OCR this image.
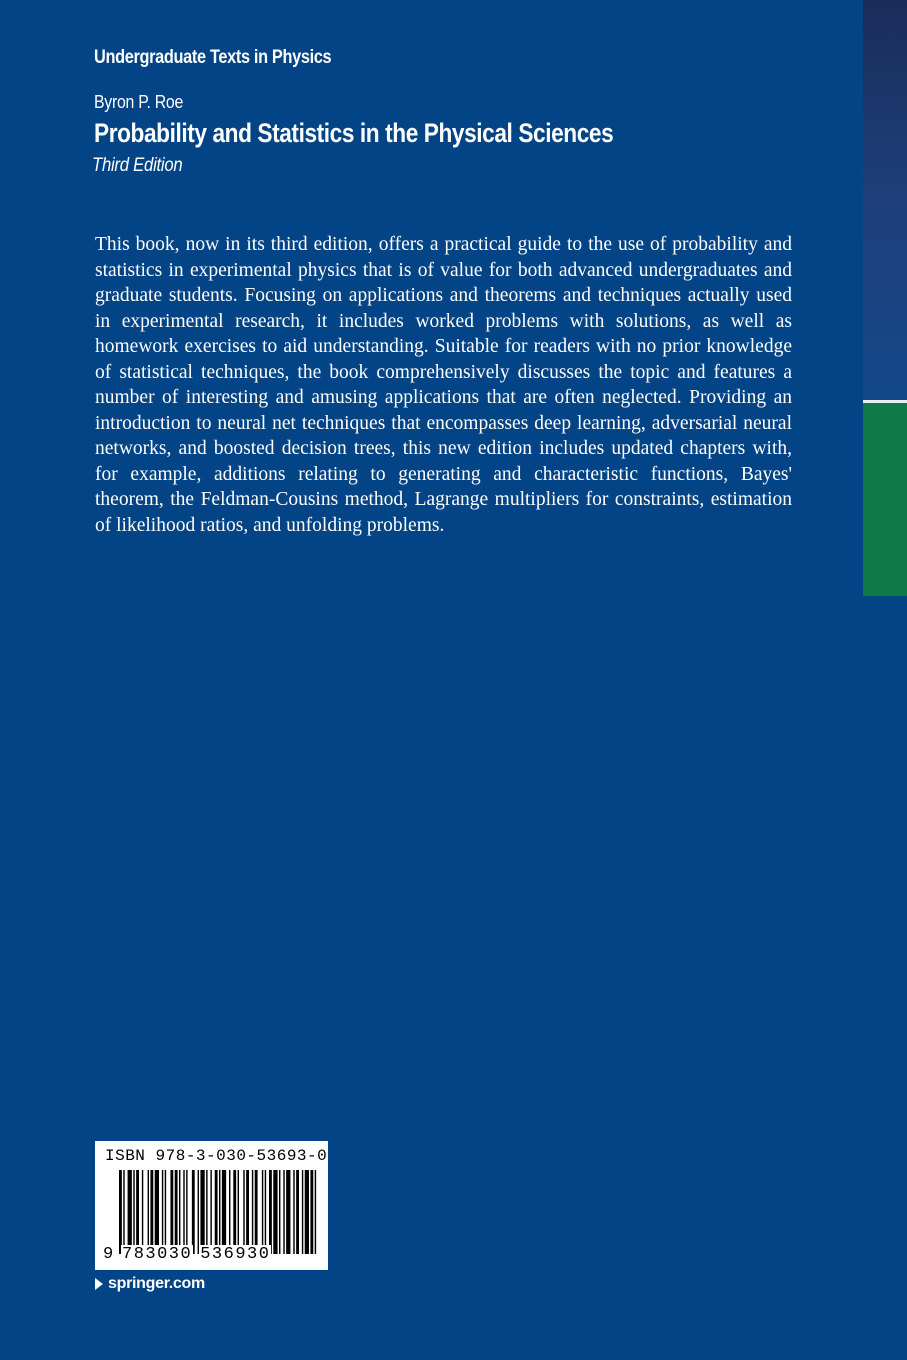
Undergraduate Texts in Physics
Byron P. Roe
Probability and Statistics in the Physical Sciences
Third Edition

This book, now in its third edition, offers a practical guide to the use of probability and statistics in experimental physics that is of value for both advanced undergraduates and graduate students. Focusing on applications and theorems and techniques actually used in experimental research, it includes worked problems with solutions, as well as homework exercises to aid understanding. Suitable for readers with no prior knowledge of statistical techniques, the book comprehensively discusses the topic and features a number of interesting and amusing applications that are often neglected. Providing an introduction to neural net techniques that encompasses deep learning, adversarial neural networks, and boosted decision trees, this new edition includes updated chapters with, for example, additions relating to generating and characteristic functions, Bayes' theorem, the Feldman-Cousins method, Lagrange multipliers for constraints, estimation of likelihood ratios, and unfolding problems.

ISBN 978-3-030-53693-0
9 783030 536930
springer.com
